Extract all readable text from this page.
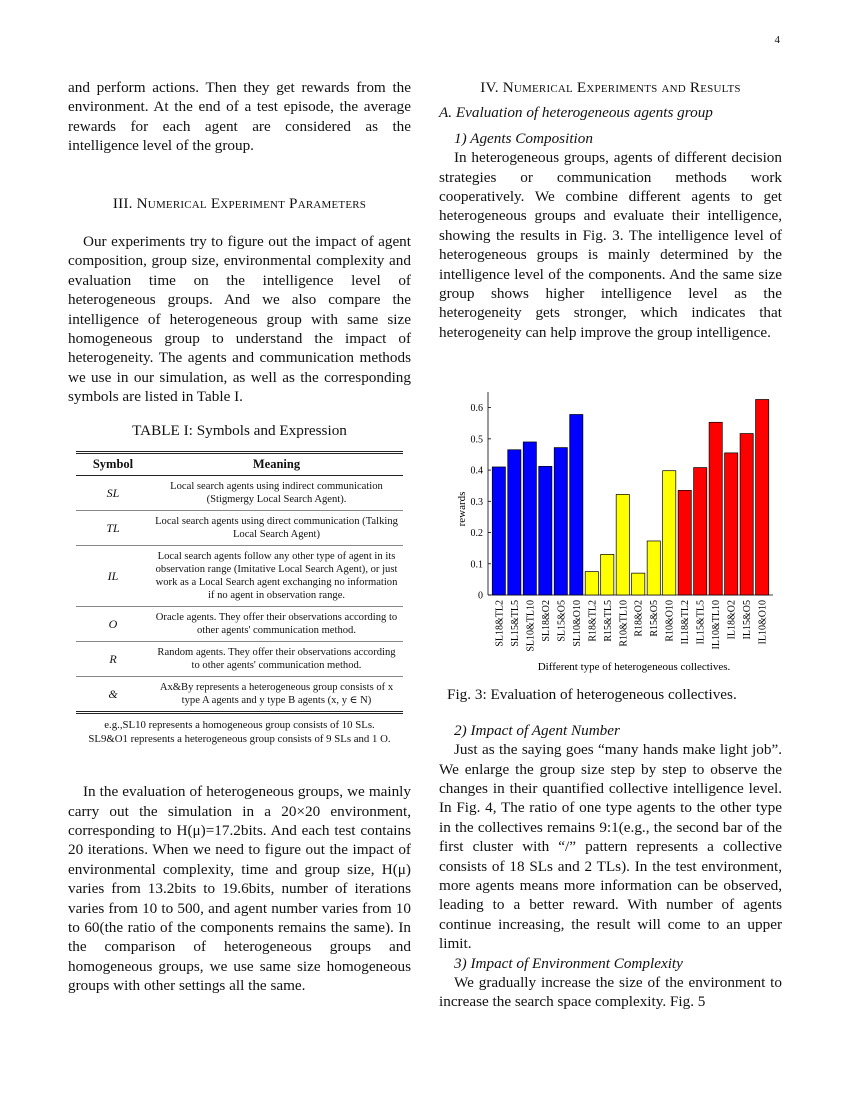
4

and perform actions. Then they get rewards from the environment. At the end of a test episode, the average rewards for each agent are considered as the intelligence level of the group.

III. Numerical Experiment Parameters

Our experiments try to figure out the impact of agent composition, group size, environmental complexity and evaluation time on the intelligence level of heterogeneous groups. And we also compare the intelligence of heterogeneous group with same size homogeneous group to understand the impact of heterogeneity. The agents and communication methods we use in our simulation, as well as the corresponding symbols are listed in Table I.

TABLE I: Symbols and Expression

Symbol	Meaning
SL	Local search agents using indirect communication (Stigmergy Local Search Agent).
TL	Local search agents using direct communication (Talking Local Search Agent)
IL	Local search agents follow any other type of agent in its observation range (Imitative Local Search Agent), or just work as a Local Search agent exchanging no information if no agent in observation range.
O	Oracle agents. They offer their observations according to other agents' communication method.
R	Random agents. They offer their observations according to other agents' communication method.
&	Ax&By represents a heterogeneous group consists of x type A agents and y type B agents (x, y ∈ N)

e.g.,SL10 represents a homogeneous group consists of 10 SLs.

SL9&O1 represents a heterogeneous group consists of 9 SLs and 1 O.

In the evaluation of heterogeneous groups, we mainly carry out the simulation in a 20×20 environment, corresponding to H(μ)=17.2bits. And each test contains 20 iterations. When we need to figure out the impact of environmental complexity, time and group size, H(μ) varies from 13.2bits to 19.6bits, number of iterations varies from 10 to 500, and agent number varies from 10 to 60(the ratio of the components remains the same). In the comparison of heterogeneous groups and homogeneous groups, we use same size homogeneous groups with other settings all the same.

IV. Numerical Experiments and Results

A. Evaluation of heterogeneous agents group

1) Agents Composition

In heterogeneous groups, agents of different decision strategies or communication methods work cooperatively. We combine different agents to get heterogeneous groups and evaluate their intelligence, showing the results in Fig. 3. The intelligence level of heterogeneous groups is mainly determined by the intelligence level of the components. And the same size group shows higher intelligence level as the heterogeneity gets stronger, which indicates that heterogeneity can help improve the group intelligence.

0
0.1
0.2
0.3
0.4
0.5
0.6
SL18&TL2 SL15&TL5 SL10&TL10 SL18&O2 SL15&O5 SL10&O10 R18&TL2 R15&TL5 R10&TL10 R18&O2 R15&O5 R10&O10 IL18&TL2 IL15&TL5 IL10&TL10 IL18&O2 IL15&O5 IL10&O10
rewards
Different type of heterogeneous collectives.

Fig. 3: Evaluation of heterogeneous collectives.

2) Impact of Agent Number

Just as the saying goes “many hands make light job”. We enlarge the group size step by step to observe the changes in their quantified collective intelligence level. In Fig. 4, The ratio of one type agents to the other type in the collectives remains 9:1(e.g., the second bar of the first cluster with “/” pattern represents a collective consists of 18 SLs and 2 TLs). In the test environment, more agents means more information can be observed, leading to a better reward. With number of agents continue increasing, the result will come to an upper limit.

3) Impact of Environment Complexity

We gradually increase the size of the environment to increase the search space complexity. Fig. 5
